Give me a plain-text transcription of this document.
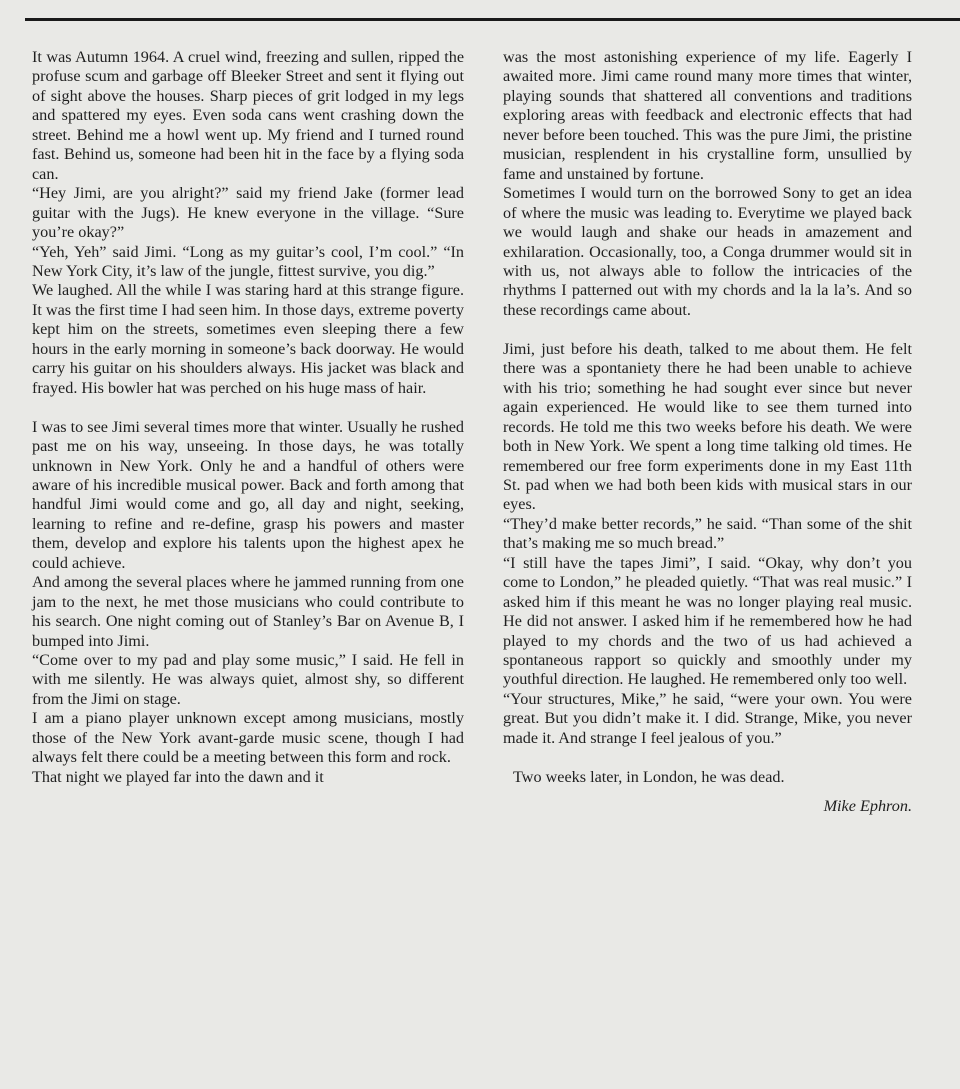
It was Autumn 1964. A cruel wind, freezing and sullen, ripped the profuse scum and garbage off Bleeker Street and sent it flying out of sight above the houses. Sharp pieces of grit lodged in my legs and spattered my eyes. Even soda cans went crashing down the street. Behind me a howl went up. My friend and I turned round fast. Behind us, someone had been hit in the face by a flying soda can.

“Hey Jimi, are you alright?” said my friend Jake (former lead guitar with the Jugs). He knew everyone in the village. “Sure you’re okay?”

“Yeh, Yeh” said Jimi. “Long as my guitar’s cool, I’m cool.” “In New York City, it’s law of the jungle, fittest survive, you dig.”

We laughed. All the while I was staring hard at this strange figure. It was the first time I had seen him. In those days, extreme poverty kept him on the streets, sometimes even sleeping there a few hours in the early morning in someone’s back doorway. He would carry his guitar on his shoulders always. His jacket was black and frayed. His bowler hat was perched on his huge mass of hair.

I was to see Jimi several times more that winter. Usually he rushed past me on his way, unseeing. In those days, he was totally unknown in New York. Only he and a handful of others were aware of his incredible musical power. Back and forth among that handful Jimi would come and go, all day and night, seeking, learning to refine and re-define, grasp his powers and master them, develop and explore his talents upon the highest apex he could achieve.

And among the several places where he jammed running from one jam to the next, he met those musicians who could contribute to his search. One night coming out of Stanley’s Bar on Avenue B, I bumped into Jimi.

“Come over to my pad and play some music,” I said. He fell in with me silently. He was always quiet, almost shy, so different from the Jimi on stage.

I am a piano player unknown except among musicians, mostly those of the New York avant-garde music scene, though I had always felt there could be a meeting between this form and rock.

That night we played far into the dawn and it

was the most astonishing experience of my life. Eagerly I awaited more. Jimi came round many more times that winter, playing sounds that shattered all conventions and traditions exploring areas with feedback and electronic effects that had never before been touched. This was the pure Jimi, the pristine musician, resplendent in his crystalline form, unsullied by fame and unstained by fortune.

Sometimes I would turn on the borrowed Sony to get an idea of where the music was leading to. Everytime we played back we would laugh and shake our heads in amazement and exhilaration. Occasionally, too, a Conga drummer would sit in with us, not always able to follow the intricacies of the rhythms I patterned out with my chords and la la la’s. And so these recordings came about.

Jimi, just before his death, talked to me about them. He felt there was a spontaniety there he had been unable to achieve with his trio; something he had sought ever since but never again experienced. He would like to see them turned into records. He told me this two weeks before his death. We were both in New York. We spent a long time talking old times. He remembered our free form experiments done in my East 11th St. pad when we had both been kids with musical stars in our eyes.

“They’d make better records,” he said. “Than some of the shit that’s making me so much bread.”

“I still have the tapes Jimi”, I said. “Okay, why don’t you come to London,” he pleaded quietly. “That was real music.” I asked him if this meant he was no longer playing real music. He did not answer. I asked him if he remembered how he had played to my chords and the two of us had achieved a spontaneous rapport so quickly and smoothly under my youthful direction. He laughed. He remembered only too well.

“Your structures, Mike,” he said, “were your own. You were great. But you didn’t make it. I did. Strange, Mike, you never made it. And strange I feel jealous of you.”

Two weeks later, in London, he was dead.

Mike Ephron.
